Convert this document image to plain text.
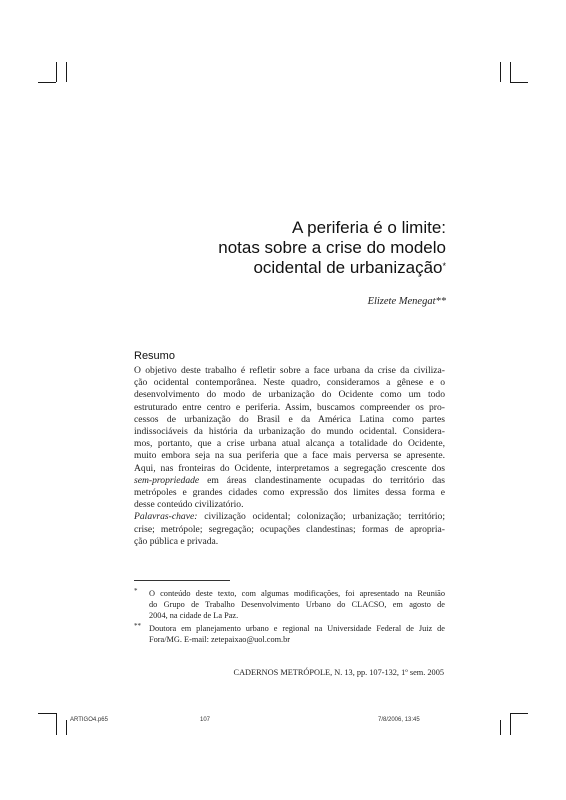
A periferia é o limite:
notas sobre a crise do modelo
ocidental de urbanização*
Elizete Menegat**
Resumo
O objetivo deste trabalho é refletir sobre a face urbana da crise da civiliza-
ção ocidental contemporânea. Neste quadro, consideramos a gênese e o
desenvolvimento do modo de urbanização do Ocidente como um todo
estruturado entre centro e periferia. Assim, buscamos compreender os pro-
cessos de urbanização do Brasil e da América Latina como partes
indissociáveis da história da urbanização do mundo ocidental. Considera-
mos, portanto, que a crise urbana atual alcança a totalidade do Ocidente,
muito embora seja na sua periferia que a face mais perversa se apresente.
Aqui, nas fronteiras do Ocidente, interpretamos a segregação crescente dos
sem-propriedade em áreas clandestinamente ocupadas do território das
metrópoles e grandes cidades como expressão dos limites dessa forma e
desse conteúdo civilizatório.
Palavras-chave: civilização ocidental; colonização; urbanização; território;
crise; metrópole; segregação; ocupações clandestinas; formas de apropria-
ção pública e privada.
* O conteúdo deste texto, com algumas modificações, foi apresentado na Reunião
do Grupo de Trabalho Desenvolvimento Urbano do CLACSO, em agosto de
2004, na cidade de La Paz.
** Doutora em planejamento urbano e regional na Universidade Federal de Juiz de
Fora/MG. E-mail: zetepaixao@uol.com.br
CADERNOS METRÓPOLE, N. 13, pp. 107-132, 1º sem. 2005
ARTIGO4.p65	107	7/8/2006, 13:45
